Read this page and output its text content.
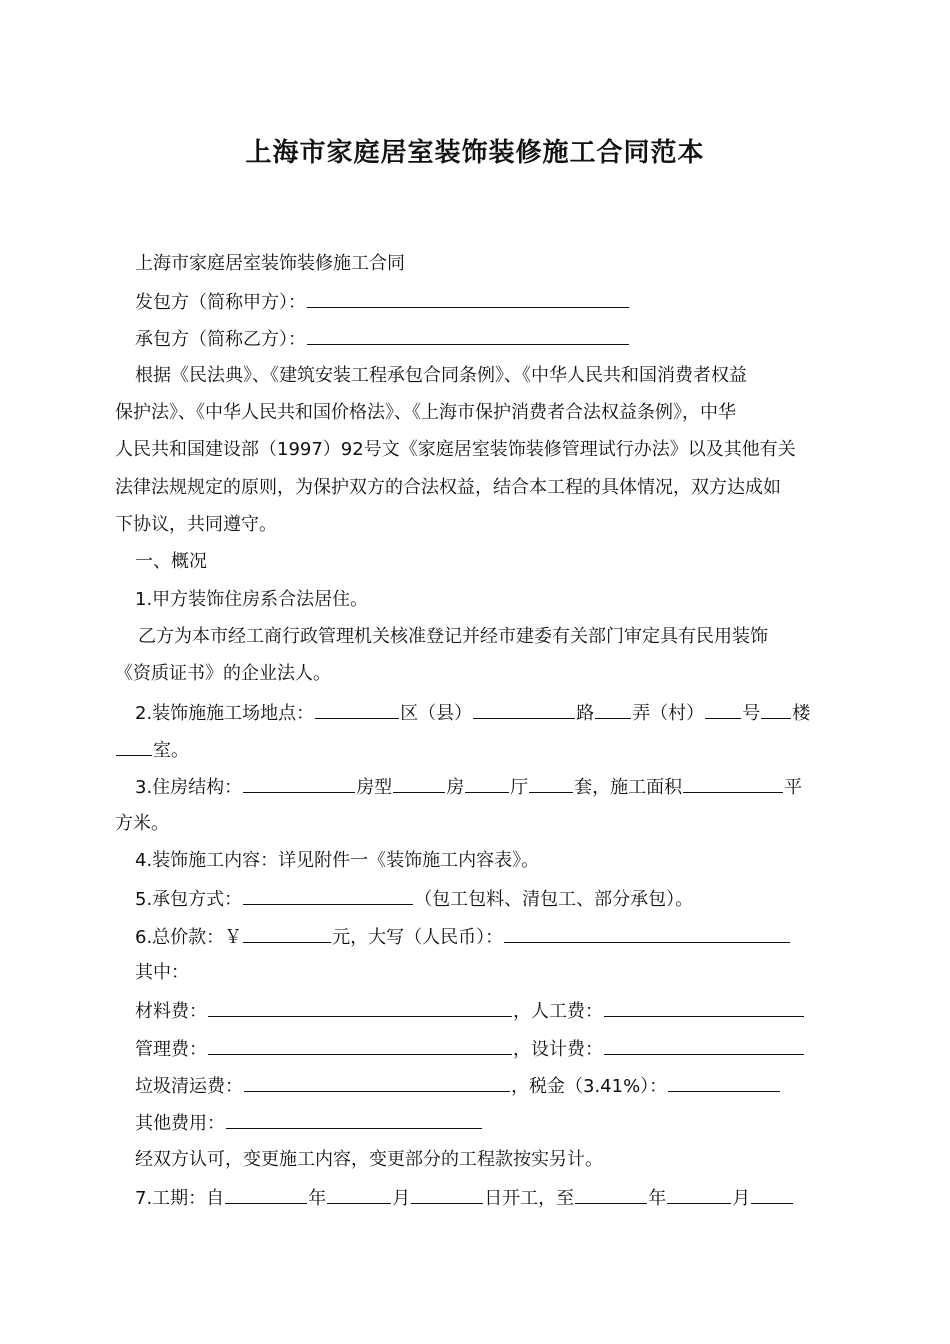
上海市家庭居室装饰装修施工合同范本
上海市家庭居室装饰装修施工合同
发包方（简称甲方）：
承包方（简称乙方）：
根据《民法典》、《建筑安装工程承包合同条例》、《中华人民共和国消费者权益
保护法》、《中华人民共和国价格法》、《上海市保护消费者合法权益条例》，中华
人民共和国建设部（1997）92号文《家庭居室装饰装修管理试行办法》以及其他有关
法律法规规定的原则，为保护双方的合法权益，结合本工程的具体情况，双方达成如
下协议，共同遵守。
一、概况
1.甲方装饰住房系合法居住。
乙方为本市经工商行政管理机关核准登记并经市建委有关部门审定具有民用装饰
《资质证书》的企业法人。
2.装饰施施工场地点：	区（县）	路 弄（村） 号 楼
室。
3.住房结构：	房型	房	厅	套，施工面积	平
方米。
4.装饰施工内容：详见附件一《装饰施工内容表》。
5.承包方式：	（包工包料、清包工、部分承包）。
6.总价款：￥	元，大写（人民币）：
其中：
材料费：	，人工费：
管理费：	，设计费：
垃圾清运费：	，税金（3.41%）：
其他费用：
经双方认可，变更施工内容，变更部分的工程款按实另计。
7.工期：自	年	月	日开工，至	年	月
